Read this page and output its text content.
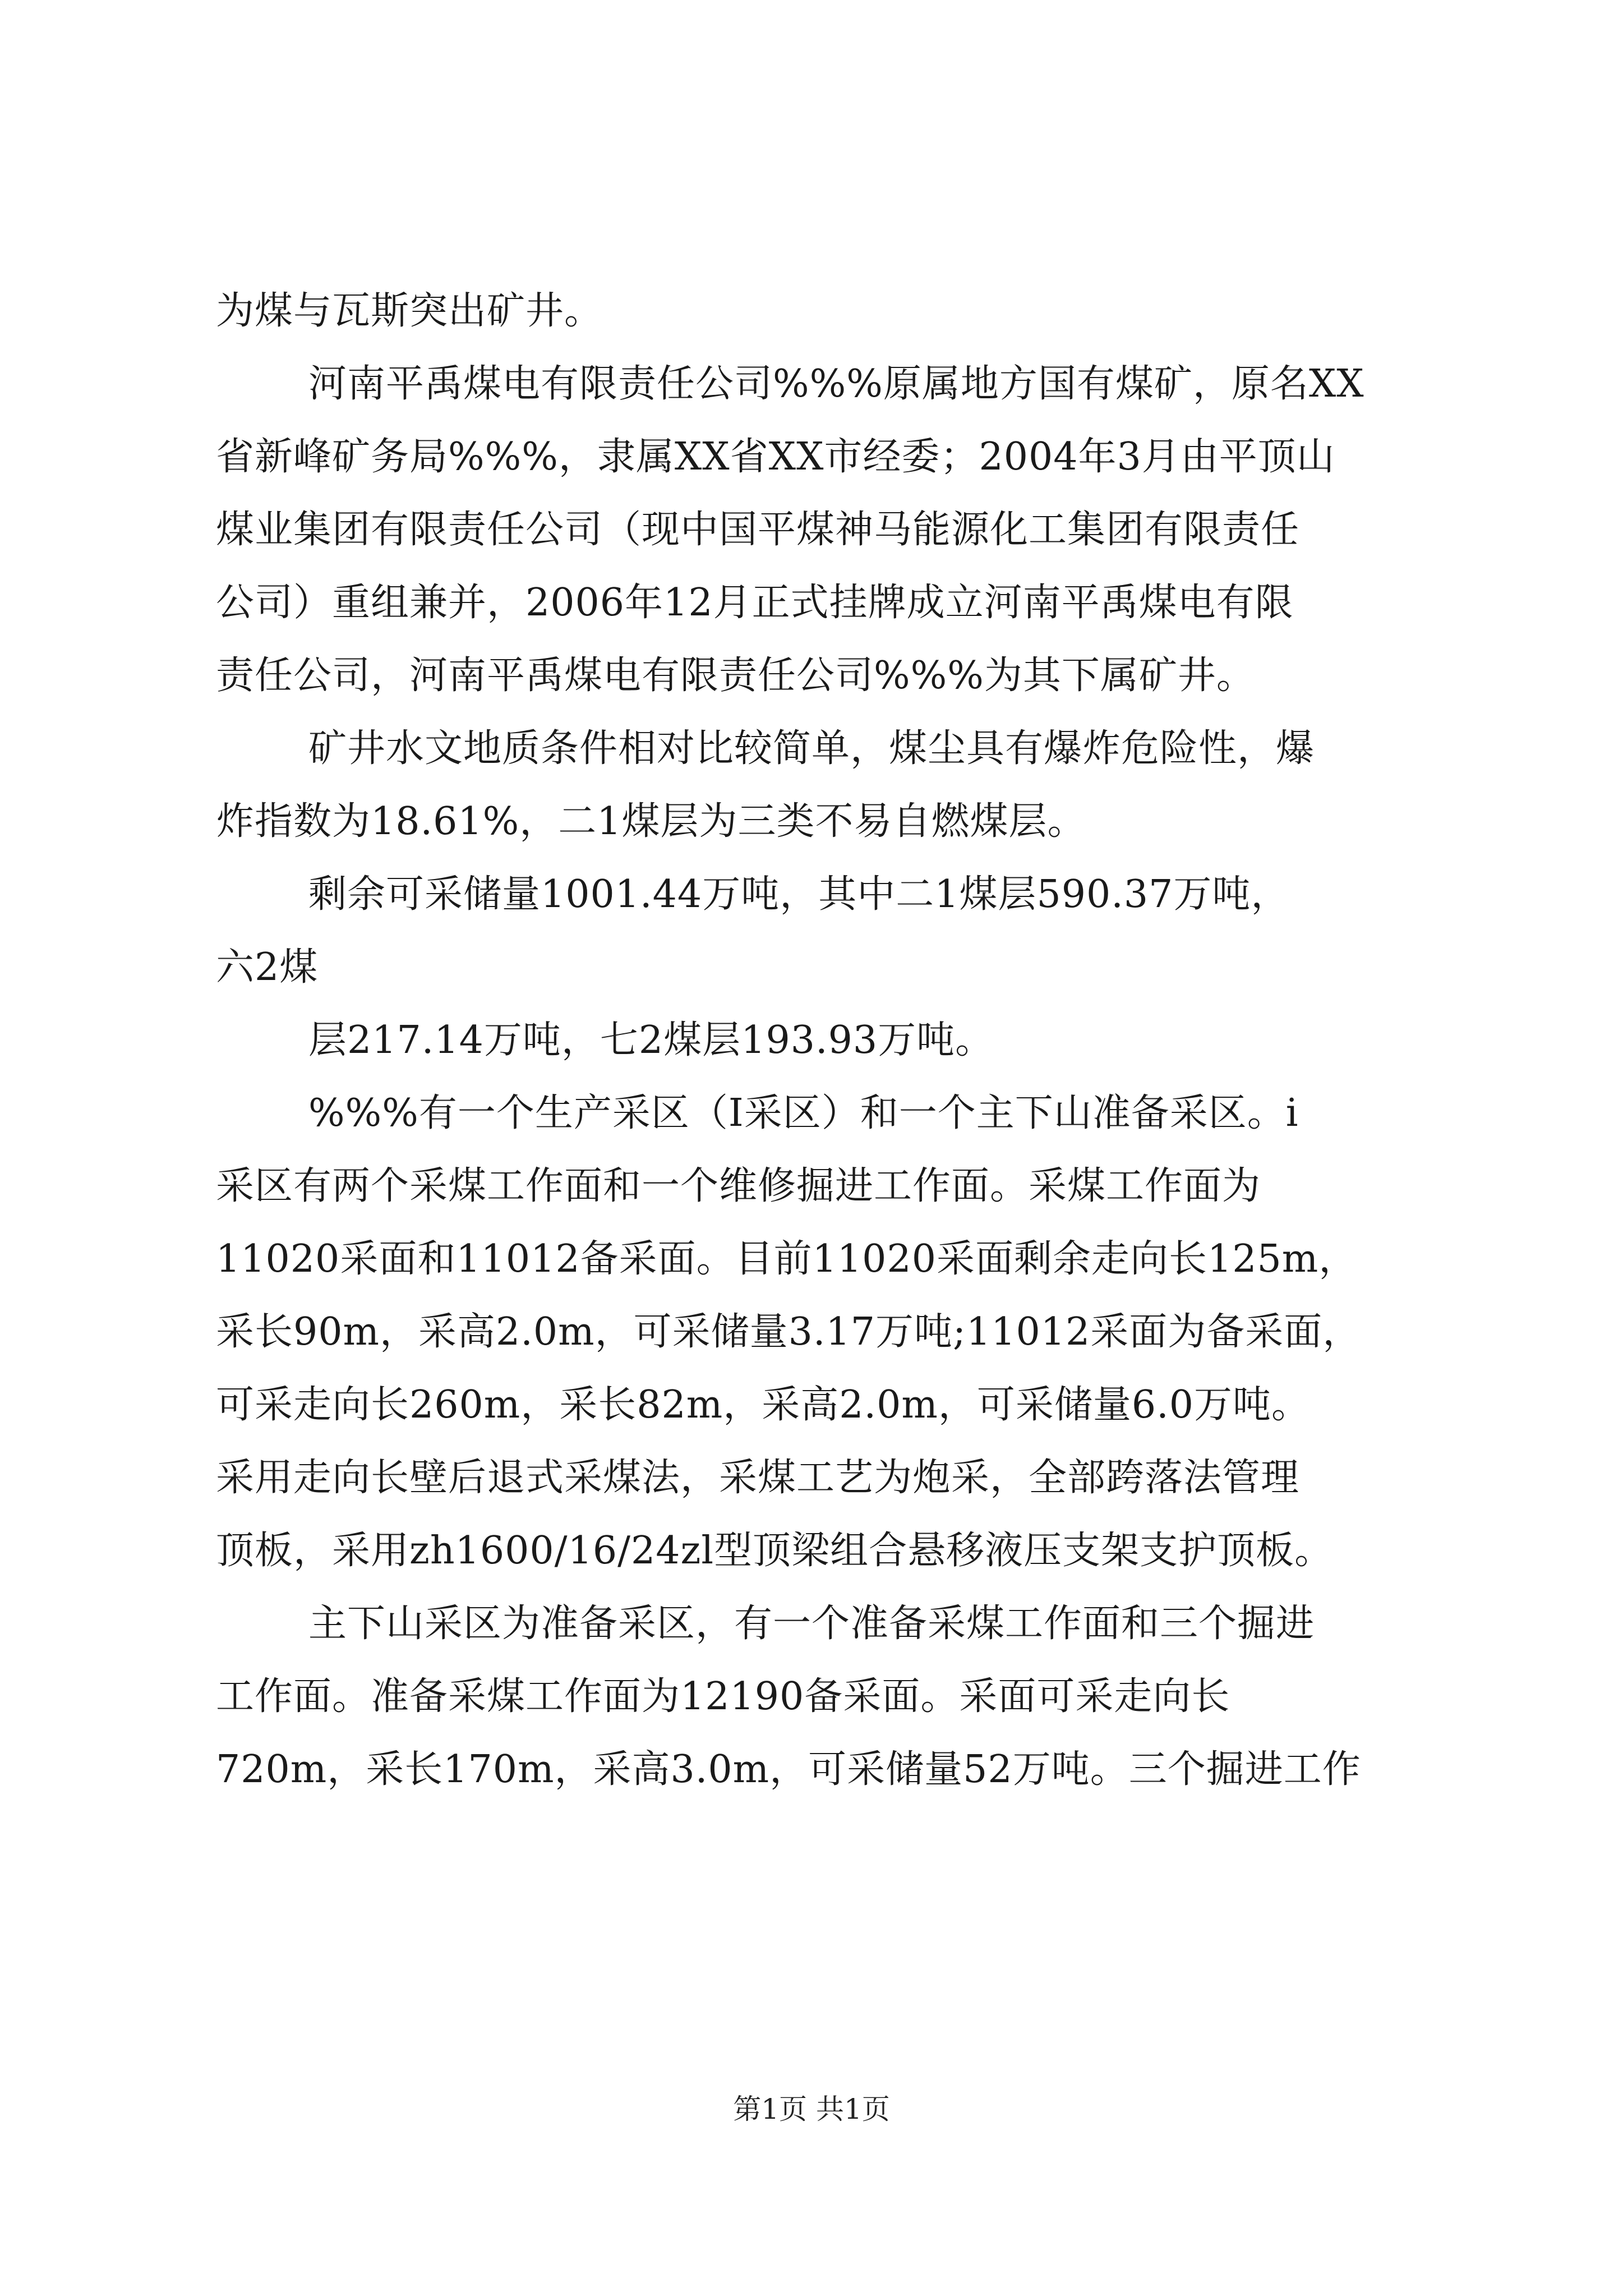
为煤与瓦斯突出矿井。
河南平禹煤电有限责任公司%%%原属地方国有煤矿，原名XX
省新峰矿务局%%%，隶属XX省XX市经委；2004年3月由平顶山
煤业集团有限责任公司（现中国平煤神马能源化工集团有限责任
公司）重组兼并，2006年12月正式挂牌成立河南平禹煤电有限
责任公司，河南平禹煤电有限责任公司%%%为其下属矿井。
矿井水文地质条件相对比较简单，煤尘具有爆炸危险性，爆
炸指数为18.61%，二1煤层为三类不易自燃煤层。
剩余可采储量1001.44万吨，其中二1煤层590.37万吨，
六2煤
层217.14万吨，七2煤层193.93万吨。
%%%有一个生产采区（Ⅰ采区）和一个主下山准备采区。i
采区有两个采煤工作面和一个维修掘进工作面。采煤工作面为
11020采面和11012备采面。目前11020采面剩余走向长125m，
采长90m，采高2.0m，可采储量3.17万吨;11012采面为备采面，
可采走向长260m，采长82m，采高2.0m，可采储量6.0万吨。
采用走向长壁后退式采煤法，采煤工艺为炮采，全部跨落法管理
顶板，采用zh1600/16/24zl型顶梁组合悬移液压支架支护顶板。
主下山采区为准备采区，有一个准备采煤工作面和三个掘进
工作面。准备采煤工作面为12190备采面。采面可采走向长
720m，采长170m，采高3.0m，可采储量52万吨。三个掘进工作
第1页 共1页
